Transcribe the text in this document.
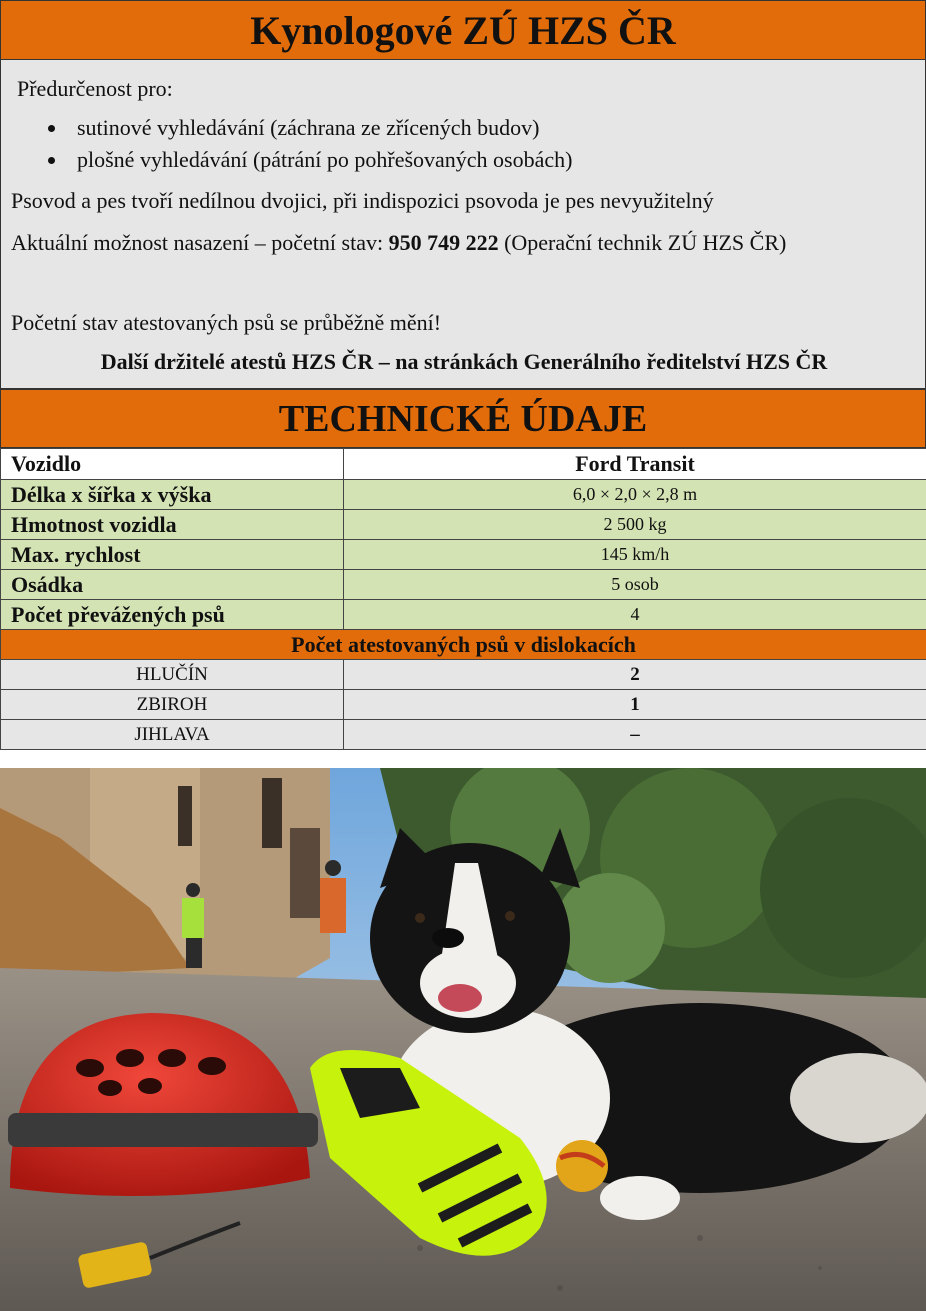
Kynologové ZÚ HZS ČR
Předurčenost pro:
sutinové vyhledávání (záchrana ze zřícených budov)
plošné vyhledávání (pátrání po pohřešovaných osobách)
Psovod a pes tvoří nedílnou dvojici, při indispozici psovoda je pes nevyužitelný
Aktuální možnost nasazení – početní stav: 950 749 222 (Operační technik ZÚ HZS ČR)
Početní stav atestovaných psů se průběžně mění!
Další držitelé atestů HZS ČR – na stránkách Generálního ředitelství HZS ČR
TECHNICKÉ ÚDAJE
Vozidlo	Ford Transit
Délka x šířka x výška	6,0 × 2,0 × 2,8 m
Hmotnost vozidla	2 500 kg
Max. rychlost	145 km/h
Osádka	5 osob
Počet převážených psů	4
Počet atestovaných psů v dislokacích	
HLUČÍN	2
ZBIROH	1
JIHLAVA	–
